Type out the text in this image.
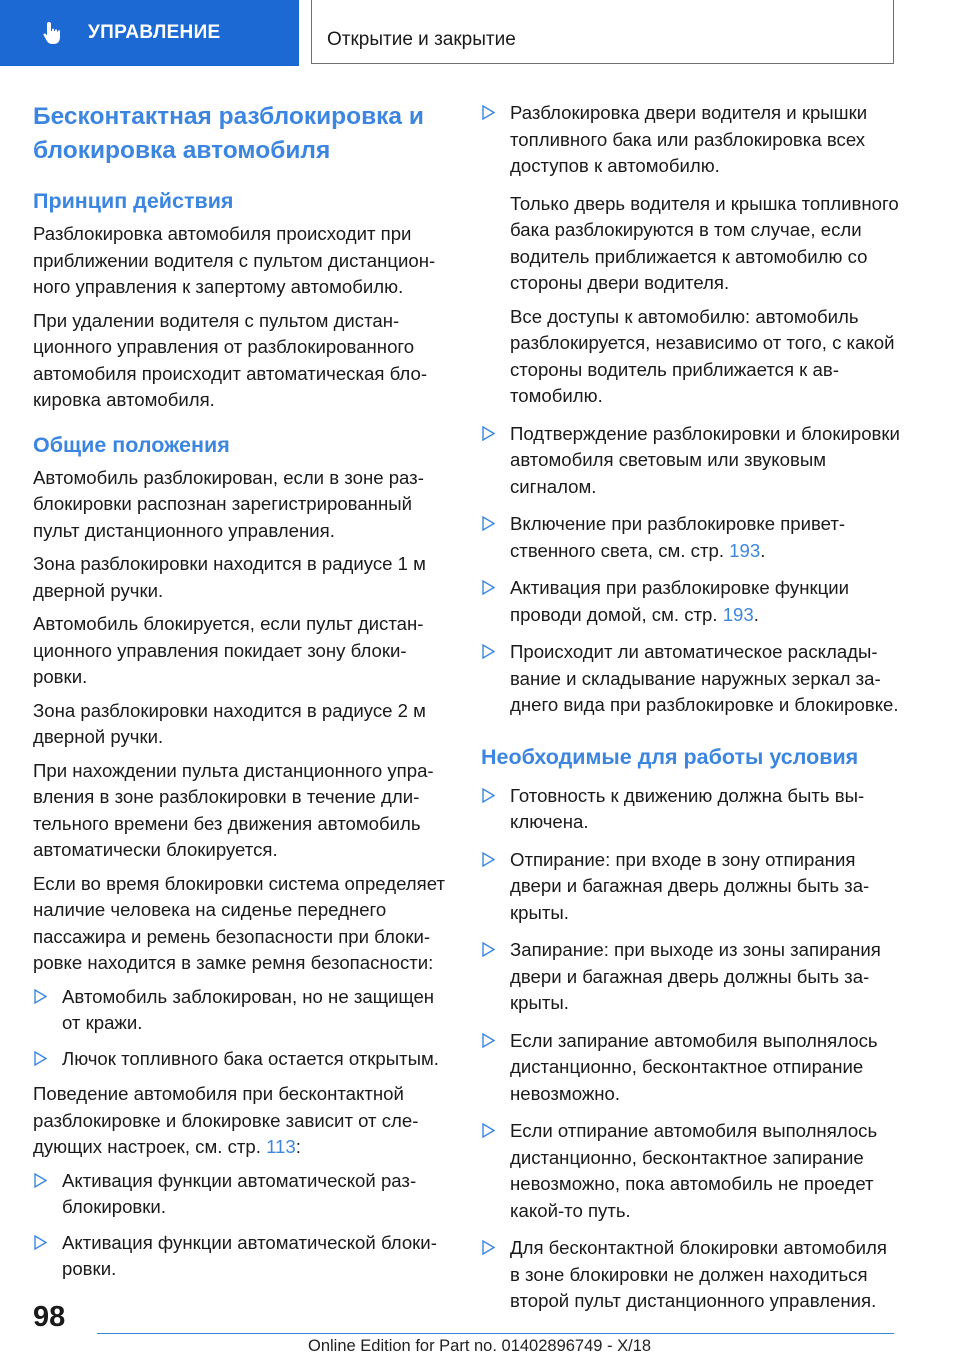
УПРАВЛЕНИЕ	Открытие и закрытие
Бесконтактная разблокировка и блокировка автомобиля
Принцип действия

Разблокировка автомобиля происходит при приближении водителя с пультом дистанционного управления к запертому автомобилю.

При удалении водителя с пультом дистанционного управления от разблокированного автомобиля происходит автоматическая блокировка автомобиля.

Общие положения

Автомобиль разблокирован, если в зоне разблокировки распознан зарегистрированный пульт дистанционного управления.

Зона разблокировки находится в радиусе 1 м дверной ручки.

Автомобиль блокируется, если пульт дистанционного управления покидает зону блокировки.

Зона разблокировки находится в радиусе 2 м дверной ручки.

При нахождении пульта дистанционного управления в зоне разблокировки в течение длительного времени без движения автомобиль автоматически блокируется.

Если во время блокировки система определяет наличие человека на сиденье переднего пассажира и ремень безопасности при блокировке находится в замке ремня безопасности:

Автомобиль заблокирован, но не защищен от кражи.
Лючок топливного бака остается открытым.

Поведение автомобиля при бесконтактной разблокировке и блокировке зависит от следующих настроек, см. стр. 113:

Активация функции автоматической разблокировки.
Активация функции автоматической блокировки.
Разблокировка двери водителя и крышки топливного бака или разблокировка всех доступов к автомобилю.

Только дверь водителя и крышка топливного бака разблокируются в том случае, если водитель приближается к автомобилю со стороны двери водителя.

Все доступы к автомобилю: автомобиль разблокируется, независимо от того, с какой стороны водитель приближается к автомобилю.

Подтверждение разблокировки и блокировки автомобиля световым или звуковым сигналом.
Включение при разблокировке приветственного света, см. стр. 193.
Активация при разблокировке функции проводи домой, см. стр. 193.
Происходит ли автоматическое раскладывание и складывание наружных зеркал заднего вида при разблокировке и блокировке.
Необходимые для работы условия
Готовность к движению должна быть выключена.
Отпирание: при входе в зону отпирания двери и багажная дверь должны быть закрыты.
Запирание: при выходе из зоны запирания двери и багажная дверь должны быть закрыты.
Если запирание автомобиля выполнялось дистанционно, бесконтактное отпирание невозможно.
Если отпирание автомобиля выполнялось дистанционно, бесконтактное запирание невозможно, пока автомобиль не проедет какой-то путь.
Для бесконтактной блокировки автомобиля в зоне блокировки не должен находиться второй пульт дистанционного управления.
98
Online Edition for Part no. 01402896749 - X/18
